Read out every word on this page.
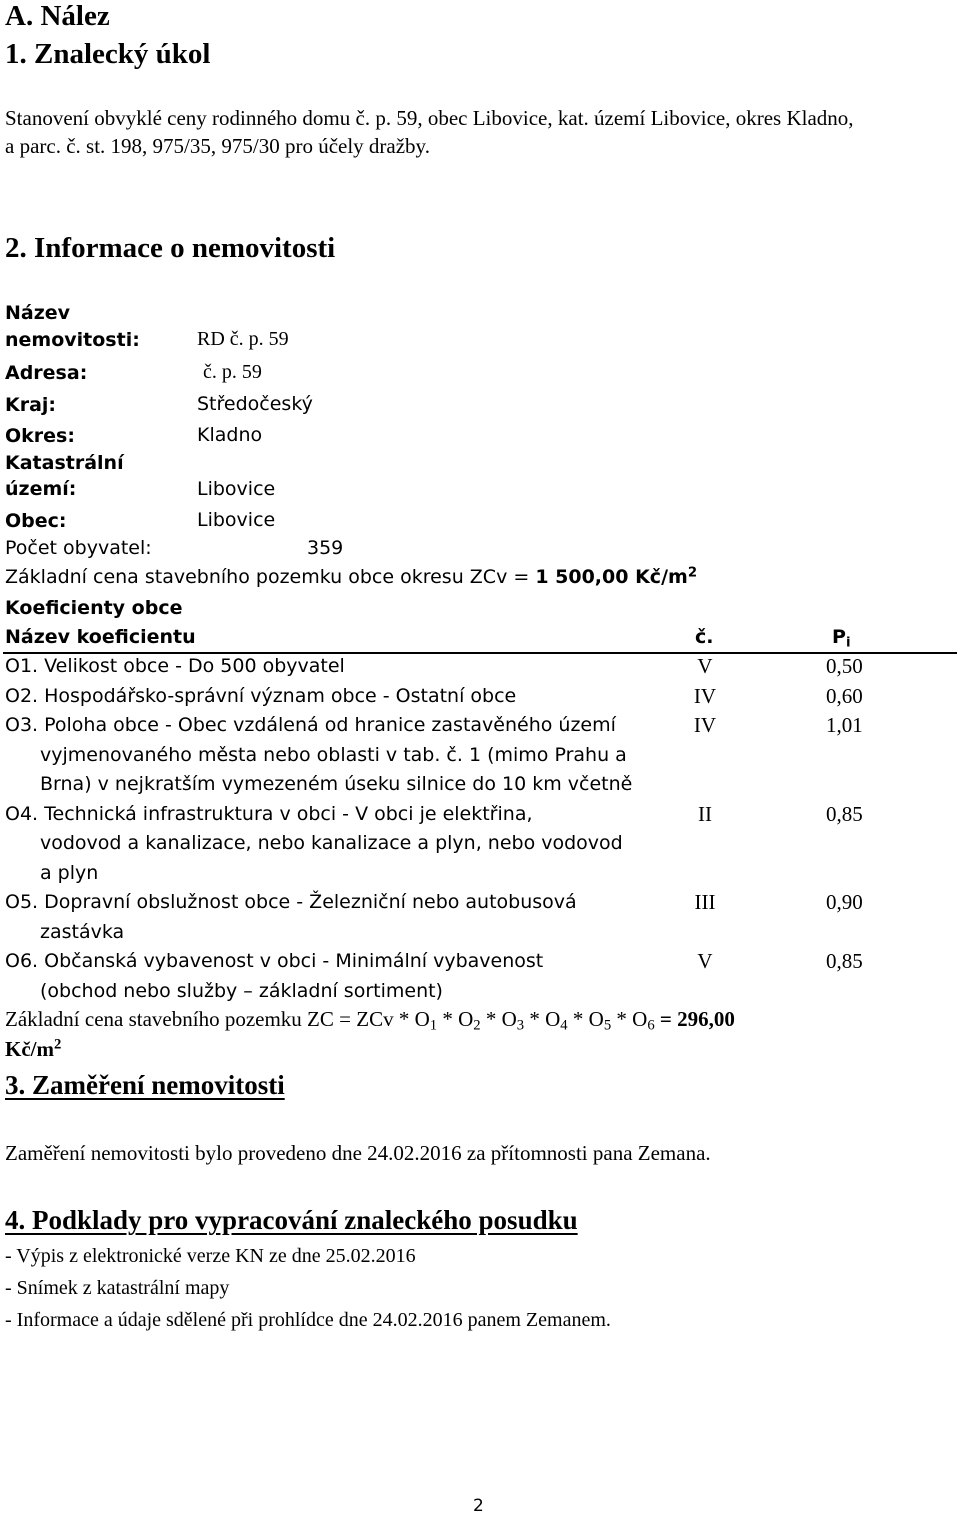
A. Nález
1. Znalecký úkol
Stanovení obvyklé ceny rodinného domu č. p. 59, obec Libovice, kat. území Libovice, okres Kladno,
a parc. č. st. 198, 975/35, 975/30 pro účely dražby.
2. Informace o nemovitosti
Název
nemovitosti:	RD č. p. 59
Adresa:	č. p. 59
Kraj:	Středočeský
Okres:	Kladno
Katastrální
území:	Libovice
Obec:	Libovice
Počet obyvatel:	359
Základní cena stavebního pozemku obce okresu ZCv = 1 500,00 $Kč/m^2$
Koeficienty obce
Název koeficientu	č.	$P_i$
O1. Velikost obce - Do 500 obyvatel	V	0,50
O2. Hospodářsko-správní význam obce - Ostatní obce	IV	0,60
O3. Poloha obce - Obec vzdálená od hranice zastavěného území
vyjmenovaného města nebo oblasti v tab. č. 1 (mimo Prahu a
Brna) v nejkratším vymezeném úseku silnice do 10 km včetně
IV	1,01
O4. Technická infrastruktura v obci - V obci je elektřina,
vodovod a kanalizace, nebo kanalizace a plyn, nebo vodovod
a plyn
II	0,85
O5. Dopravní obslužnost obce - Železniční nebo autobusová
zastávka
III	0,90
O6. Občanská vybavenost v obci - Minimální vybavenost
(obchod nebo služby – základní sortiment)
V	0,85
Základní cena stavebního pozemku ZC = ZCv * $O_1 * O_2 * O_3 * O_4 * O_5 * O_6 = 296,00$
$Kč/m^2$
3. Zaměření nemovitosti
Zaměření nemovitosti bylo provedeno dne 24.02.2016 za přítomnosti pana Zemana.
4. Podklady pro vypracování znaleckého posudku
- Výpis z elektronické verze KN ze dne 25.02.2016
- Snímek z katastrální mapy
- Informace a údaje sdělené při prohlídce dne 24.02.2016 panem Zemanem.
2
